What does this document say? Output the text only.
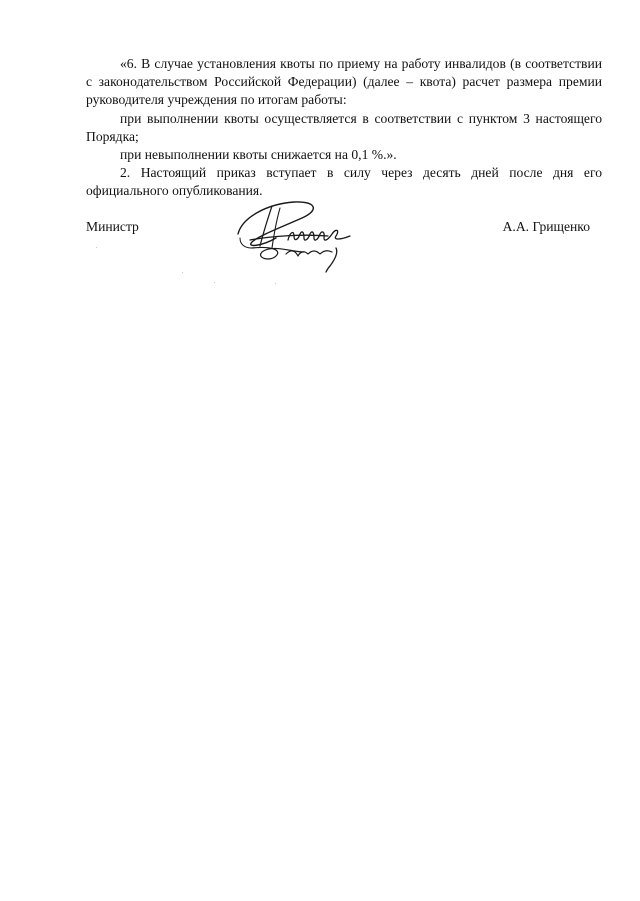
«6. В случае установления квоты по приему на работу инвалидов (в соответствии с законодательством Российской Федерации) (далее – квота) расчет размера премии руководителя учреждения по итогам работы:

при выполнении квоты осуществляется в соответствии с пунктом 3 настоящего Порядка;

при невыполнении квоты снижается на 0,1 %.».

2. Настоящий приказ вступает в силу через десять дней после дня его официального опубликования.

Министр	А.А. Грищенко
